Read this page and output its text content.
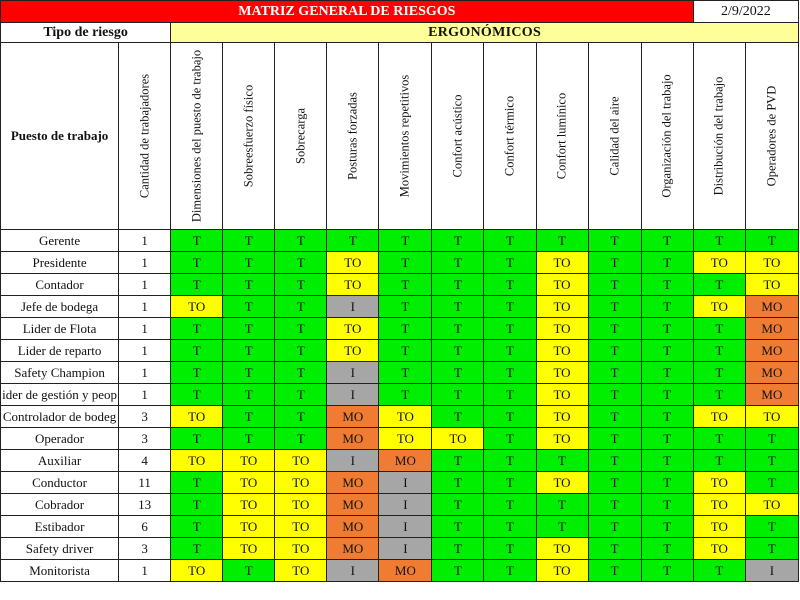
MATRIZ GENERAL DE RIESGOS												2/9/2022	
Tipo de riesgo		ERGONÓMICOS											
Puesto de trabajo	Cantidad de trabajadores	Dimensiones del puesto de trabajo	Sobreesfuerzo físico	Sobrecarga	Posturas forzadas	Movimientos repetitivos	Confort acústico	Confort térmico	Confort lumínico	Calidad del aire	Organización del trabajo	Distribución del trabajo	Operadores de PVD

Gerente	1	T	T	T	T	T	T	T	T	T	T	T	T
Presidente	1	T	T	T	TO	T	T	T	TO	T	T	TO	TO
Contador	1	T	T	T	TO	T	T	T	TO	T	T	T	TO
Jefe de bodega	1	TO	T	T	I	T	T	T	TO	T	T	TO	MO
Lider de Flota	1	T	T	T	TO	T	T	T	TO	T	T	T	MO
Lider de reparto	1	T	T	T	TO	T	T	T	TO	T	T	T	MO
Safety Champion	1	T	T	T	I	T	T	T	TO	T	T	T	MO
ider de gestión y peop	1	T	T	T	I	T	T	T	TO	T	T	T	MO
Controlador de bodeg	3	TO	T	T	MO	TO	T	T	TO	T	T	TO	TO
Operador	3	T	T	T	MO	TO	TO	T	TO	T	T	T	T
Auxiliar	4	TO	TO	TO	I	MO	T	T	T	T	T	T	T
Conductor	11	T	TO	TO	MO	I	T	T	TO	T	T	TO	T
Cobrador	13	T	TO	TO	MO	I	T	T	T	T	T	TO	TO
Estibador	6	T	TO	TO	MO	I	T	T	T	T	T	TO	T
Safety driver	3	T	TO	TO	MO	I	T	T	TO	T	T	TO	T
Monitorista	1	TO	T	TO	I	MO	T	T	TO	T	T	T	I
